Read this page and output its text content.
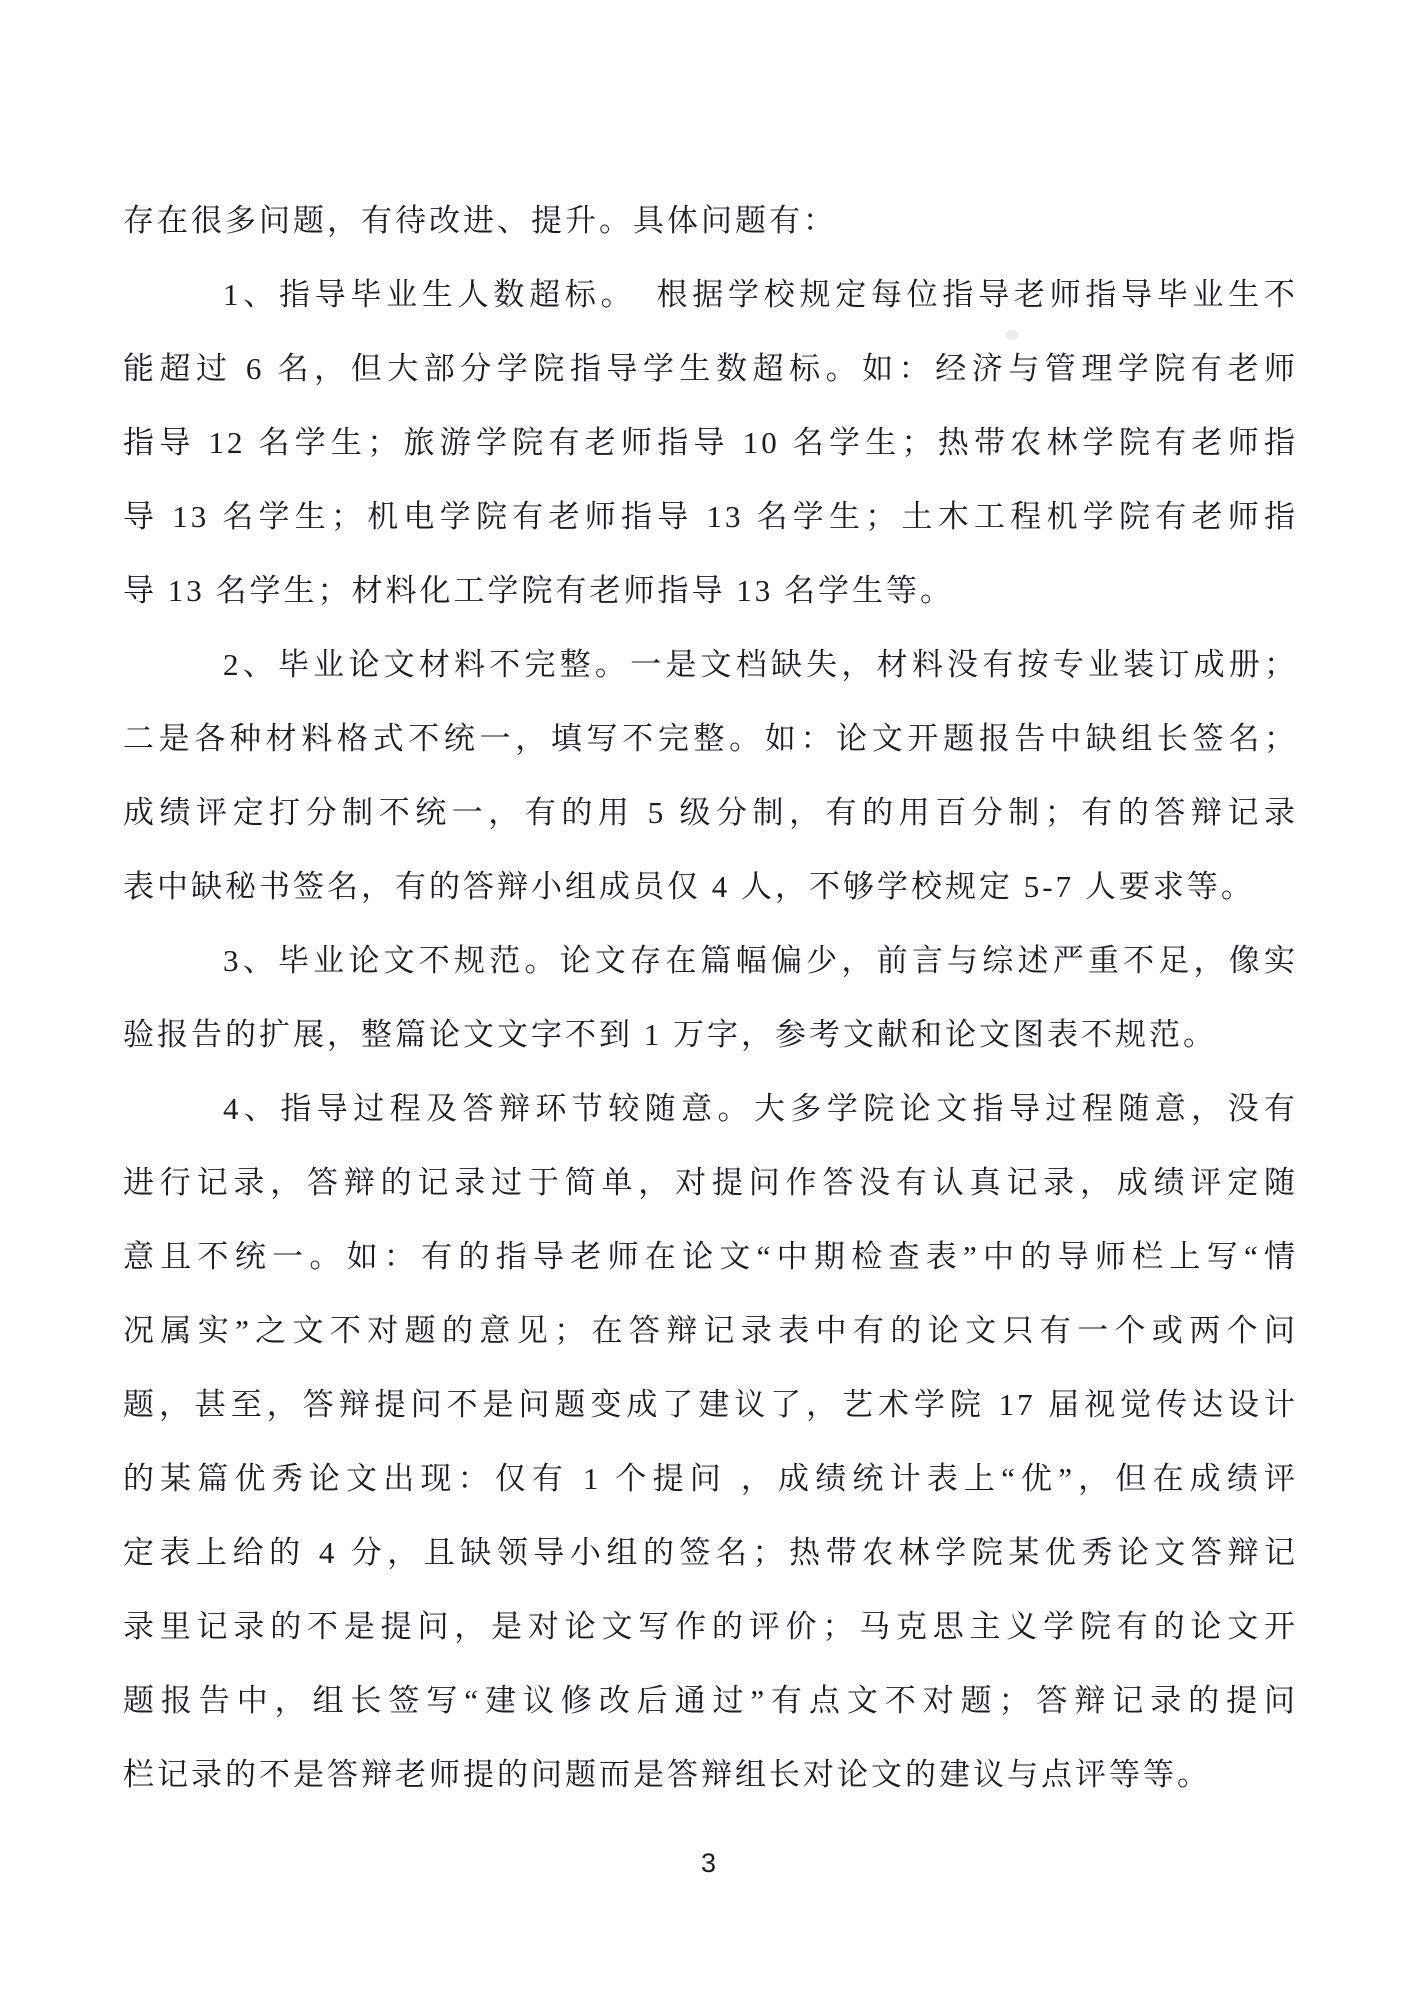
存在很多问题，有待改进、提升。具体问题有：
1、指导毕业生人数超标。　根据学校规定每位指导老师指导毕业生不
能超过 6 名，但大部分学院指导学生数超标。如：经济与管理学院有老师
指导 12 名学生；旅游学院有老师指导 10 名学生；热带农林学院有老师指
导 13 名学生；机电学院有老师指导 13 名学生；土木工程机学院有老师指
导 13 名学生；材料化工学院有老师指导 13 名学生等。
2、毕业论文材料不完整。一是文档缺失，材料没有按专业装订成册；
二是各种材料格式不统一，填写不完整。如：论文开题报告中缺组长签名；
成绩评定打分制不统一，有的用 5 级分制，有的用百分制；有的答辩记录
表中缺秘书签名，有的答辩小组成员仅 4 人，不够学校规定 5-7 人要求等。
3、毕业论文不规范。论文存在篇幅偏少，前言与综述严重不足，像实
验报告的扩展，整篇论文文字不到 1 万字，参考文献和论文图表不规范。
4、指导过程及答辩环节较随意。大多学院论文指导过程随意，没有
进行记录，答辩的记录过于简单，对提问作答没有认真记录，成绩评定随
意且不统一。如：有的指导老师在论文“中期检查表”中的导师栏上写“情
况属实”之文不对题的意见；在答辩记录表中有的论文只有一个或两个问
题，甚至，答辩提问不是问题变成了建议了，艺术学院 17 届视觉传达设计
的某篇优秀论文出现：仅有 1 个提问 ，成绩统计表上“优”，但在成绩评
定表上给的 4 分，且缺领导小组的签名；热带农林学院某优秀论文答辩记
录里记录的不是提问，是对论文写作的评价；马克思主义学院有的论文开
题报告中，组长签写“建议修改后通过”有点文不对题；答辩记录的提问
栏记录的不是答辩老师提的问题而是答辩组长对论文的建议与点评等等。
3
